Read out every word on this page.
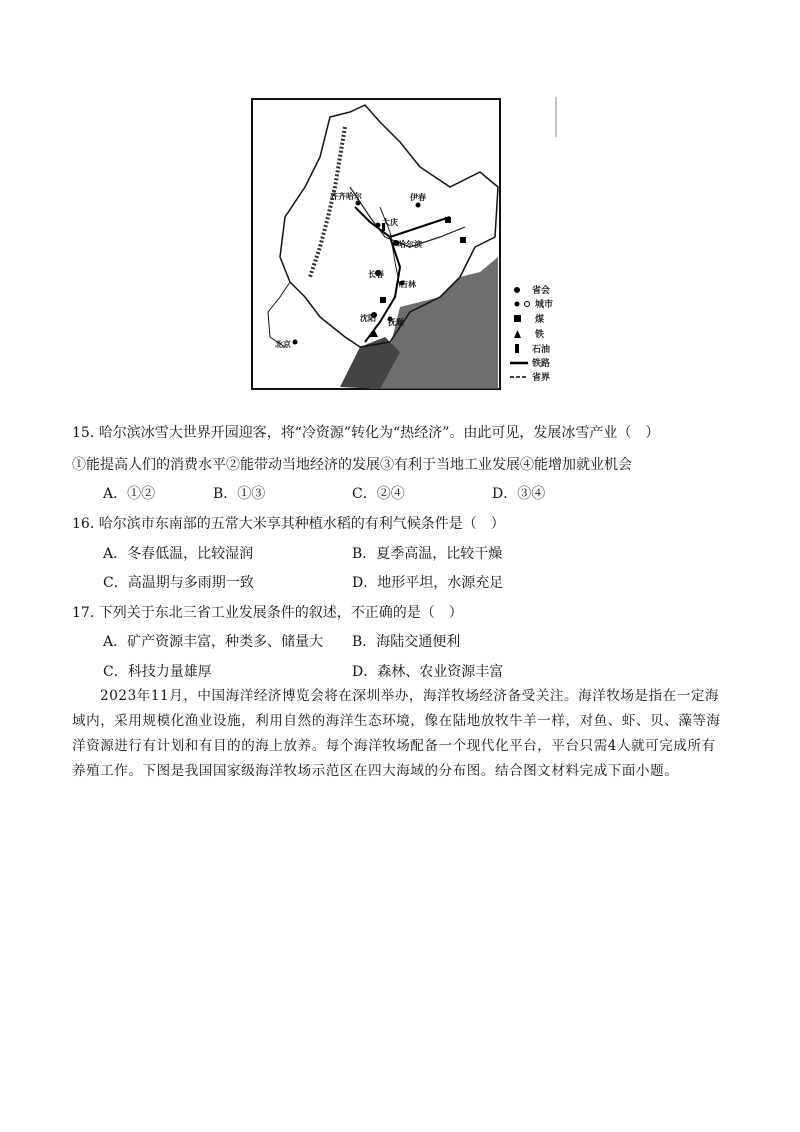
齐齐哈尔	伊春
大庆
哈尔滨
长春
吉林
沈阳 抚顺
北京
省会
城市
煤
铁
石油
铁路
省界
15. 哈尔滨冰雪大世界开园迎客，将“冷资源”转化为“热经济”。由此可见，发展冰雪产业（　）
①能提高人们的消费水平②能带动当地经济的发展③有利于当地工业发展④能增加就业机会
A．①②	B．①③	C．②④	D．③④
16. 哈尔滨市东南部的五常大米享其种植水稻的有利气候条件是（　）
A．冬春低温，比较湿润	B．夏季高温，比较干燥
C．高温期与多雨期一致	D．地形平坦，水源充足
17. 下列关于东北三省工业发展条件的叙述，不正确的是（　）
A．矿产资源丰富，种类多、储量大 B．海陆交通便利
C．科技力量雄厚	D．森林、农业资源丰富
2023年11月，中国海洋经济博览会将在深圳举办，海洋牧场经济备受关注。海洋牧场是指在一定海
域内，采用规模化渔业设施，利用自然的海洋生态环境，像在陆地放牧牛羊一样，对鱼、虾、贝、藻等海
洋资源进行有计划和有目的的海上放养。每个海洋牧场配备一个现代化平台，平台只需4人就可完成所有
养殖工作。下图是我国国家级海洋牧场示范区在四大海域的分布图。结合图文材料完成下面小题。
